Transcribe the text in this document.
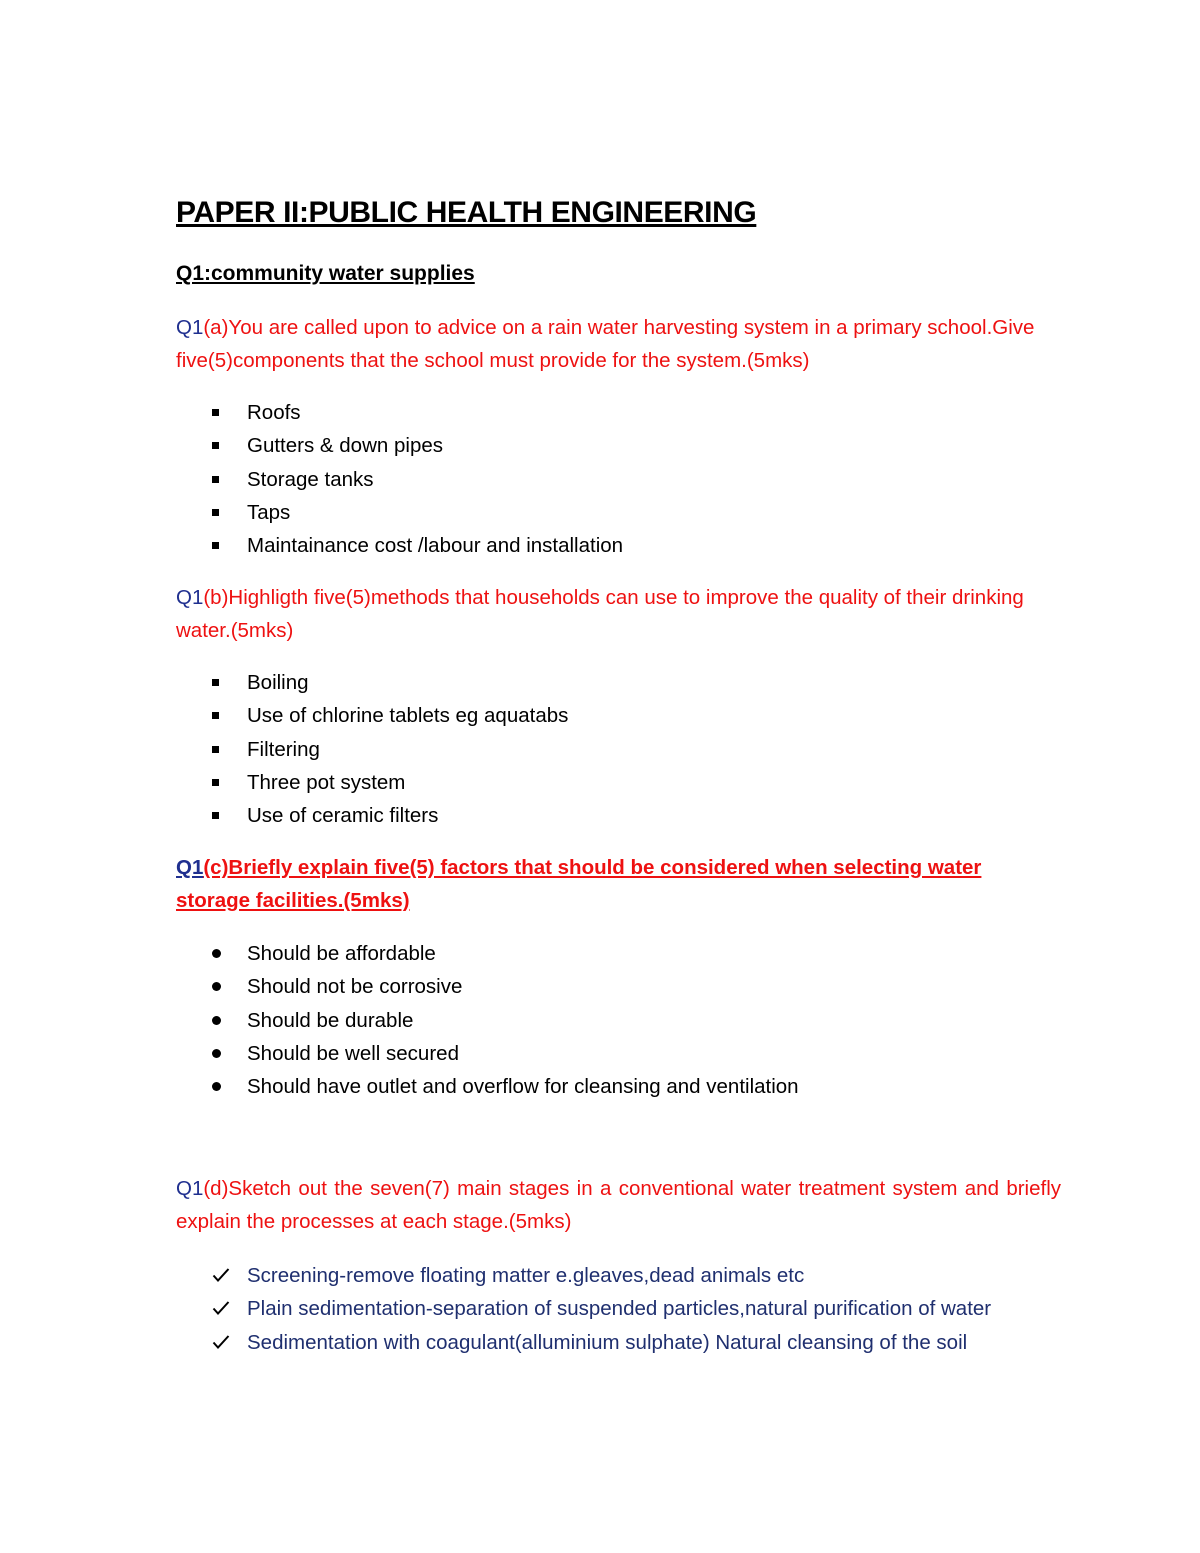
PAPER II:PUBLIC HEALTH ENGINEERING
Q1:community water supplies
Q1(a)You are called upon to advice on a rain water harvesting system in a primary school.Give five(5)components that the school must provide for the system.(5mks)
Roofs
Gutters & down pipes
Storage tanks
Taps
Maintainance cost /labour and installation
Q1(b)Highligth five(5)methods that households can use to improve the quality of their drinking water.(5mks)
Boiling
Use of chlorine tablets eg aquatabs
Filtering
Three pot system
Use of ceramic filters
Q1(c)Briefly explain five(5) factors that should be considered when selecting water storage facilities.(5mks)
Should be affordable
Should not be corrosive
Should be durable
Should be well secured
Should have outlet and overflow for cleansing and ventilation
Q1(d)Sketch out the seven(7) main stages in a conventional water treatment system and briefly explain the processes at each stage.(5mks)
Screening-remove floating matter e.gleaves,dead animals etc
Plain sedimentation-separation of suspended particles,natural purification of water
Sedimentation with coagulant(alluminium sulphate) Natural cleansing of the soil
